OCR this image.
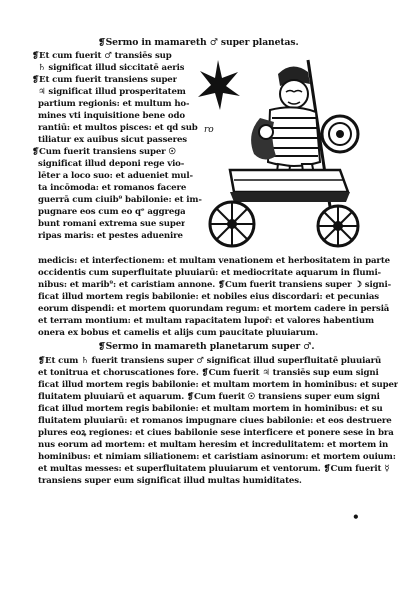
❡Sermo in mamareth ♂ super planetas.
❡Et cum fuerit ♂ transiēs sup
♄ significat illud siccitatē aeris
❡Et cum fuerit transiens super
♃ significat illud prosperitatem
partium regionis: et multum ho-
mines vti inquisitione bene odo
rantiū: et multos pisces: et qd sub
tiliatur ex auibus sicut passeres
❡Cum fuerit transiens super ☉
significat illud deponi rege vio-
lēter a loco suo: et adueniet mul-
ta incōmoda: et romanos facere
guerrā cum ciuib⁹ babilonie: et im-
pugnare eos cum eo qᵉ aggrega
bunt romani extrema sue super
ripas maris: et pestes aduenire
ro
medicis: et interfectionem: et multam venationem et herbositatem in parte
occidentis cum superfluitate pluuiarū: et mediocritate aquarum in flumi-
nibus: et marib⁹: et caristiam annone. ❡Cum fuerit transiens super ☽ signi-
ficat illud mortem regis babilonie: et nobiles eius discordari: et pecunias
eorum dispendi: et mortem quorundam regum: et mortem cadere in persiā
et terram montium: et multam rapacitatem lupor̄: et valores habentium
onera ex bobus et camelis et alijs cum paucitate pluuiarum.
❡Sermo in mamareth planetarum super ♂.
❡Et cum ♄ fuerit transiens super ♂ significat illud superfluitatē pluuiarū
et tonitrua et choruscationes fore. ❡Cum fuerit ♃ transiēs sup eum signi
ficat illud mortem regis babilonie: et multam mortem in hominibus: et super
fluitatem pluuiarū et aquarum. ❡Cum fuerit ☉ transiens super eum signi
ficat illud mortem regis babilonie: et multam mortem in hominibus: et su
fluitatem pluuiarū: et romanos impugnare ciues babilonie: et eos destruere
plures eoꝝ regiones: et ciues babilonie sese interficere et ponere sese in bra
nus eorum ad mortem: et multam heresim et incredulitatem: et mortem in
hominibus: et nimiam siliationem: et caristiam asinorum: et mortem ouium:
et multas messes: et superfluitatem pluuiarum et ventorum. ❡Cum fuerit ☿
transiens super eum significat illud multas humiditates.
•
